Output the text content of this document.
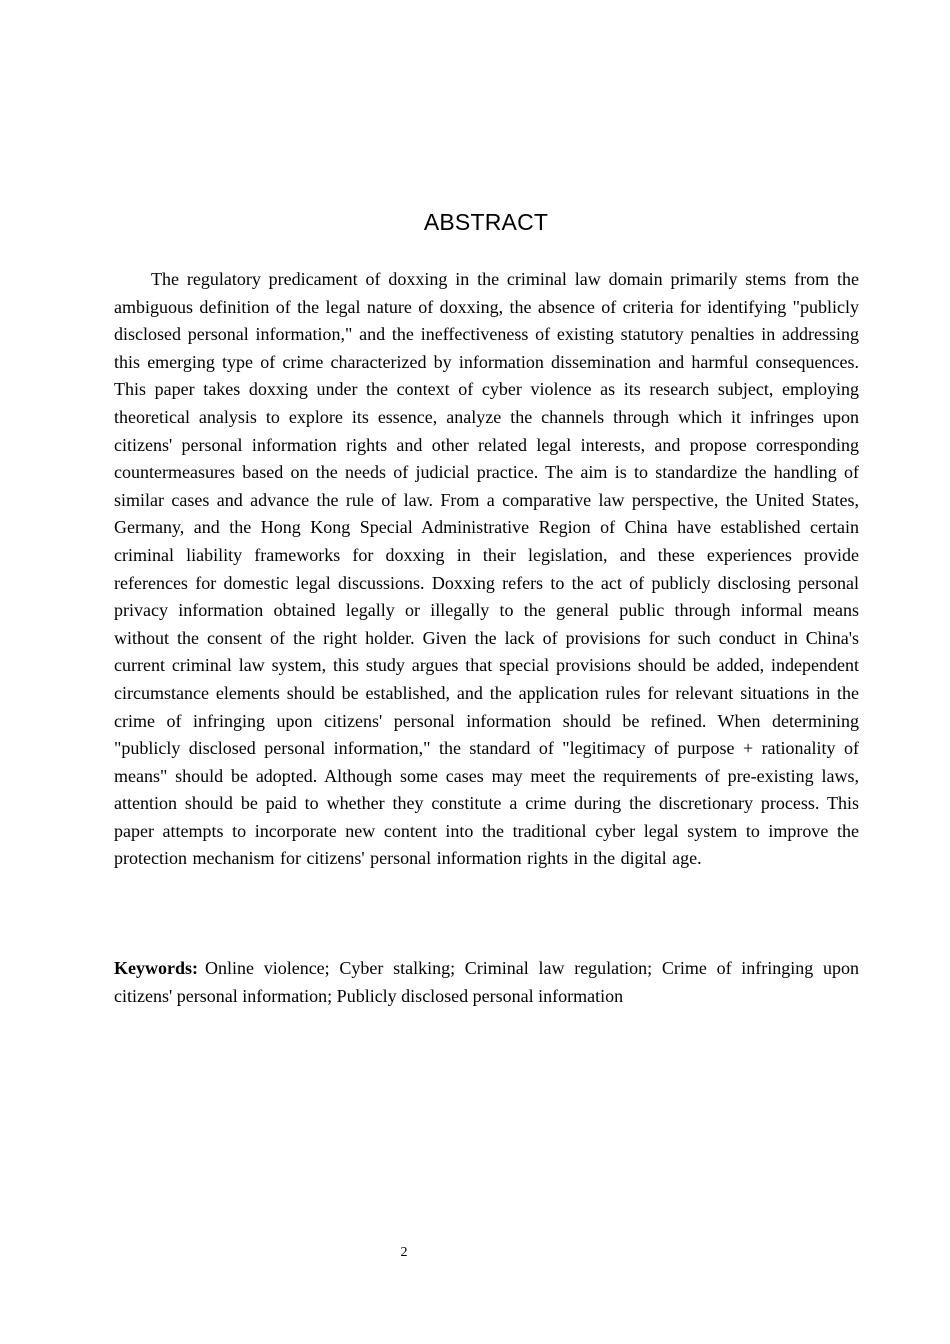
ABSTRACT

The regulatory predicament of doxxing in the criminal law domain primarily stems from the ambiguous definition of the legal nature of doxxing, the absence of criteria for identifying "publicly disclosed personal information," and the ineffectiveness of existing statutory penalties in addressing this emerging type of crime characterized by information dissemination and harmful consequences. This paper takes doxxing under the context of cyber violence as its research subject, employing theoretical analysis to explore its essence, analyze the channels through which it infringes upon citizens' personal information rights and other related legal interests, and propose corresponding countermeasures based on the needs of judicial practice. The aim is to standardize the handling of similar cases and advance the rule of law. From a comparative law perspective, the United States, Germany, and the Hong Kong Special Administrative Region of China have established certain criminal liability frameworks for doxxing in their legislation, and these experiences provide references for domestic legal discussions. Doxxing refers to the act of publicly disclosing personal privacy information obtained legally or illegally to the general public through informal means without the consent of the right holder. Given the lack of provisions for such conduct in China's current criminal law system, this study argues that special provisions should be added, independent circumstance elements should be established, and the application rules for relevant situations in the crime of infringing upon citizens' personal information should be refined. When determining "publicly disclosed personal information," the standard of "legitimacy of purpose + rationality of means" should be adopted. Although some cases may meet the requirements of pre-existing laws, attention should be paid to whether they constitute a crime during the discretionary process. This paper attempts to incorporate new content into the traditional cyber legal system to improve the protection mechanism for citizens' personal information rights in the digital age.

Keywords: Online violence; Cyber stalking; Criminal law regulation; Crime of infringing upon citizens' personal information; Publicly disclosed personal information

2
